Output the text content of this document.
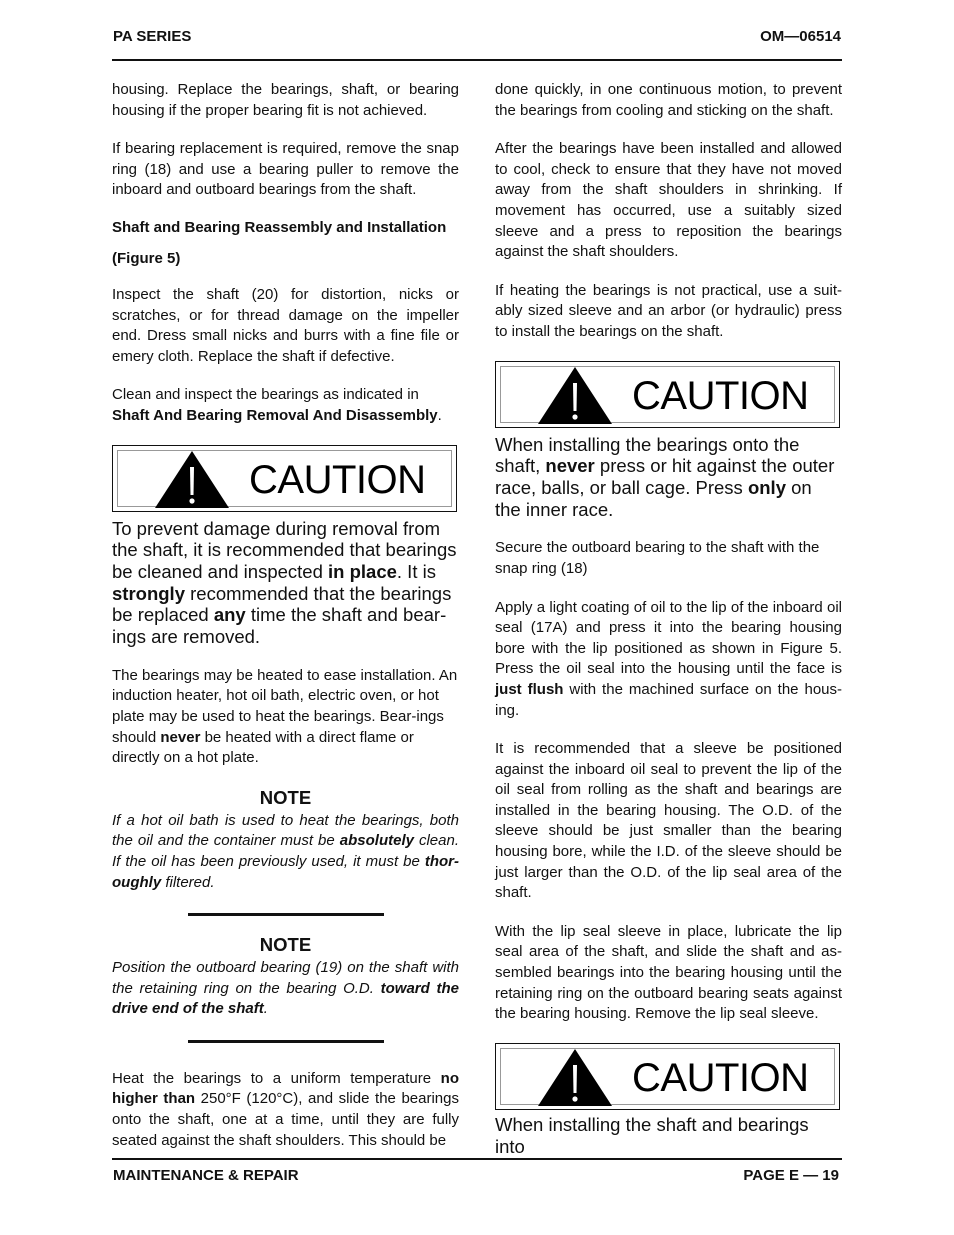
PA SERIES	OM—​06514

housing. Replace the bearings, shaft, or bearing housing if the proper bearing fit is not achieved.

If bearing replacement is required, remove the snap ring (18) and use a bearing puller to remove the inboard and outboard bearings from the shaft.

Shaft and Bearing Reassembly and Installation

(Figure 5)

Inspect the shaft (20) for distortion, nicks or scratches, or for thread damage on the impeller end. Dress small nicks and burrs with a fine file or emery cloth. Replace the shaft if defective.

Clean and inspect the bearings as indicated in Shaft And Bearing Removal And Disassembly.

CAUTION

To prevent damage during removal from the shaft, it is recommended that bearings be cleaned and inspected in place. It is strongly recommended that the bearings be replaced any time the shaft and bear-ings are removed.

The bearings may be heated to ease installation. An induction heater, hot oil bath, electric oven, or hot plate may be used to heat the bearings. Bear-ings should never be heated with a direct flame or directly on a hot plate.

NOTE

If a hot oil bath is used to heat the bearings, both the oil and the container must be absolutely clean. If the oil has been previously used, it must be thor-oughly filtered.

NOTE

Position the outboard bearing (19) on the shaft with the retaining ring on the bearing O.D. toward the drive end of the shaft.

Heat the bearings to a uniform temperature no higher than 250°F (120°C), and slide the bearings onto the shaft, one at a time, until they are fully seated against the shaft shoulders. This should be

done quickly, in one continuous motion, to prevent the bearings from cooling and sticking on the shaft.

After the bearings have been installed and allowed to cool, check to ensure that they have not moved away from the shaft shoulders in shrinking. If movement has occurred, use a suitably sized sleeve and a press to reposition the bearings against the shaft shoulders.

If heating the bearings is not practical, use a suit-ably sized sleeve and an arbor (or hydraulic) press to install the bearings on the shaft.

CAUTION

When installing the bearings onto the shaft, never press or hit against the outer race, balls, or ball cage. Press only on the inner race.

Secure the outboard bearing to the shaft with the snap ring (18)

Apply a light coating of oil to the lip of the inboard oil seal (17A) and press it into the bearing housing bore with the lip positioned as shown in Figure 5. Press the oil seal into the housing until the face is just flush with the machined surface on the hous-ing.

It is recommended that a sleeve be positioned against the inboard oil seal to prevent the lip of the oil seal from rolling as the shaft and bearings are installed in the bearing housing. The O.D. of the sleeve should be just smaller than the bearing housing bore, while the I.D. of the sleeve should be just larger than the O.D. of the lip seal area of the shaft.

With the lip seal sleeve in place, lubricate the lip seal area of the shaft, and slide the shaft and as-sembled bearings into the bearing housing until the retaining ring on the outboard bearing seats against the bearing housing. Remove the lip seal sleeve.

CAUTION

When installing the shaft and bearings into

MAINTENANCE & REPAIR	PAGE E — 19
